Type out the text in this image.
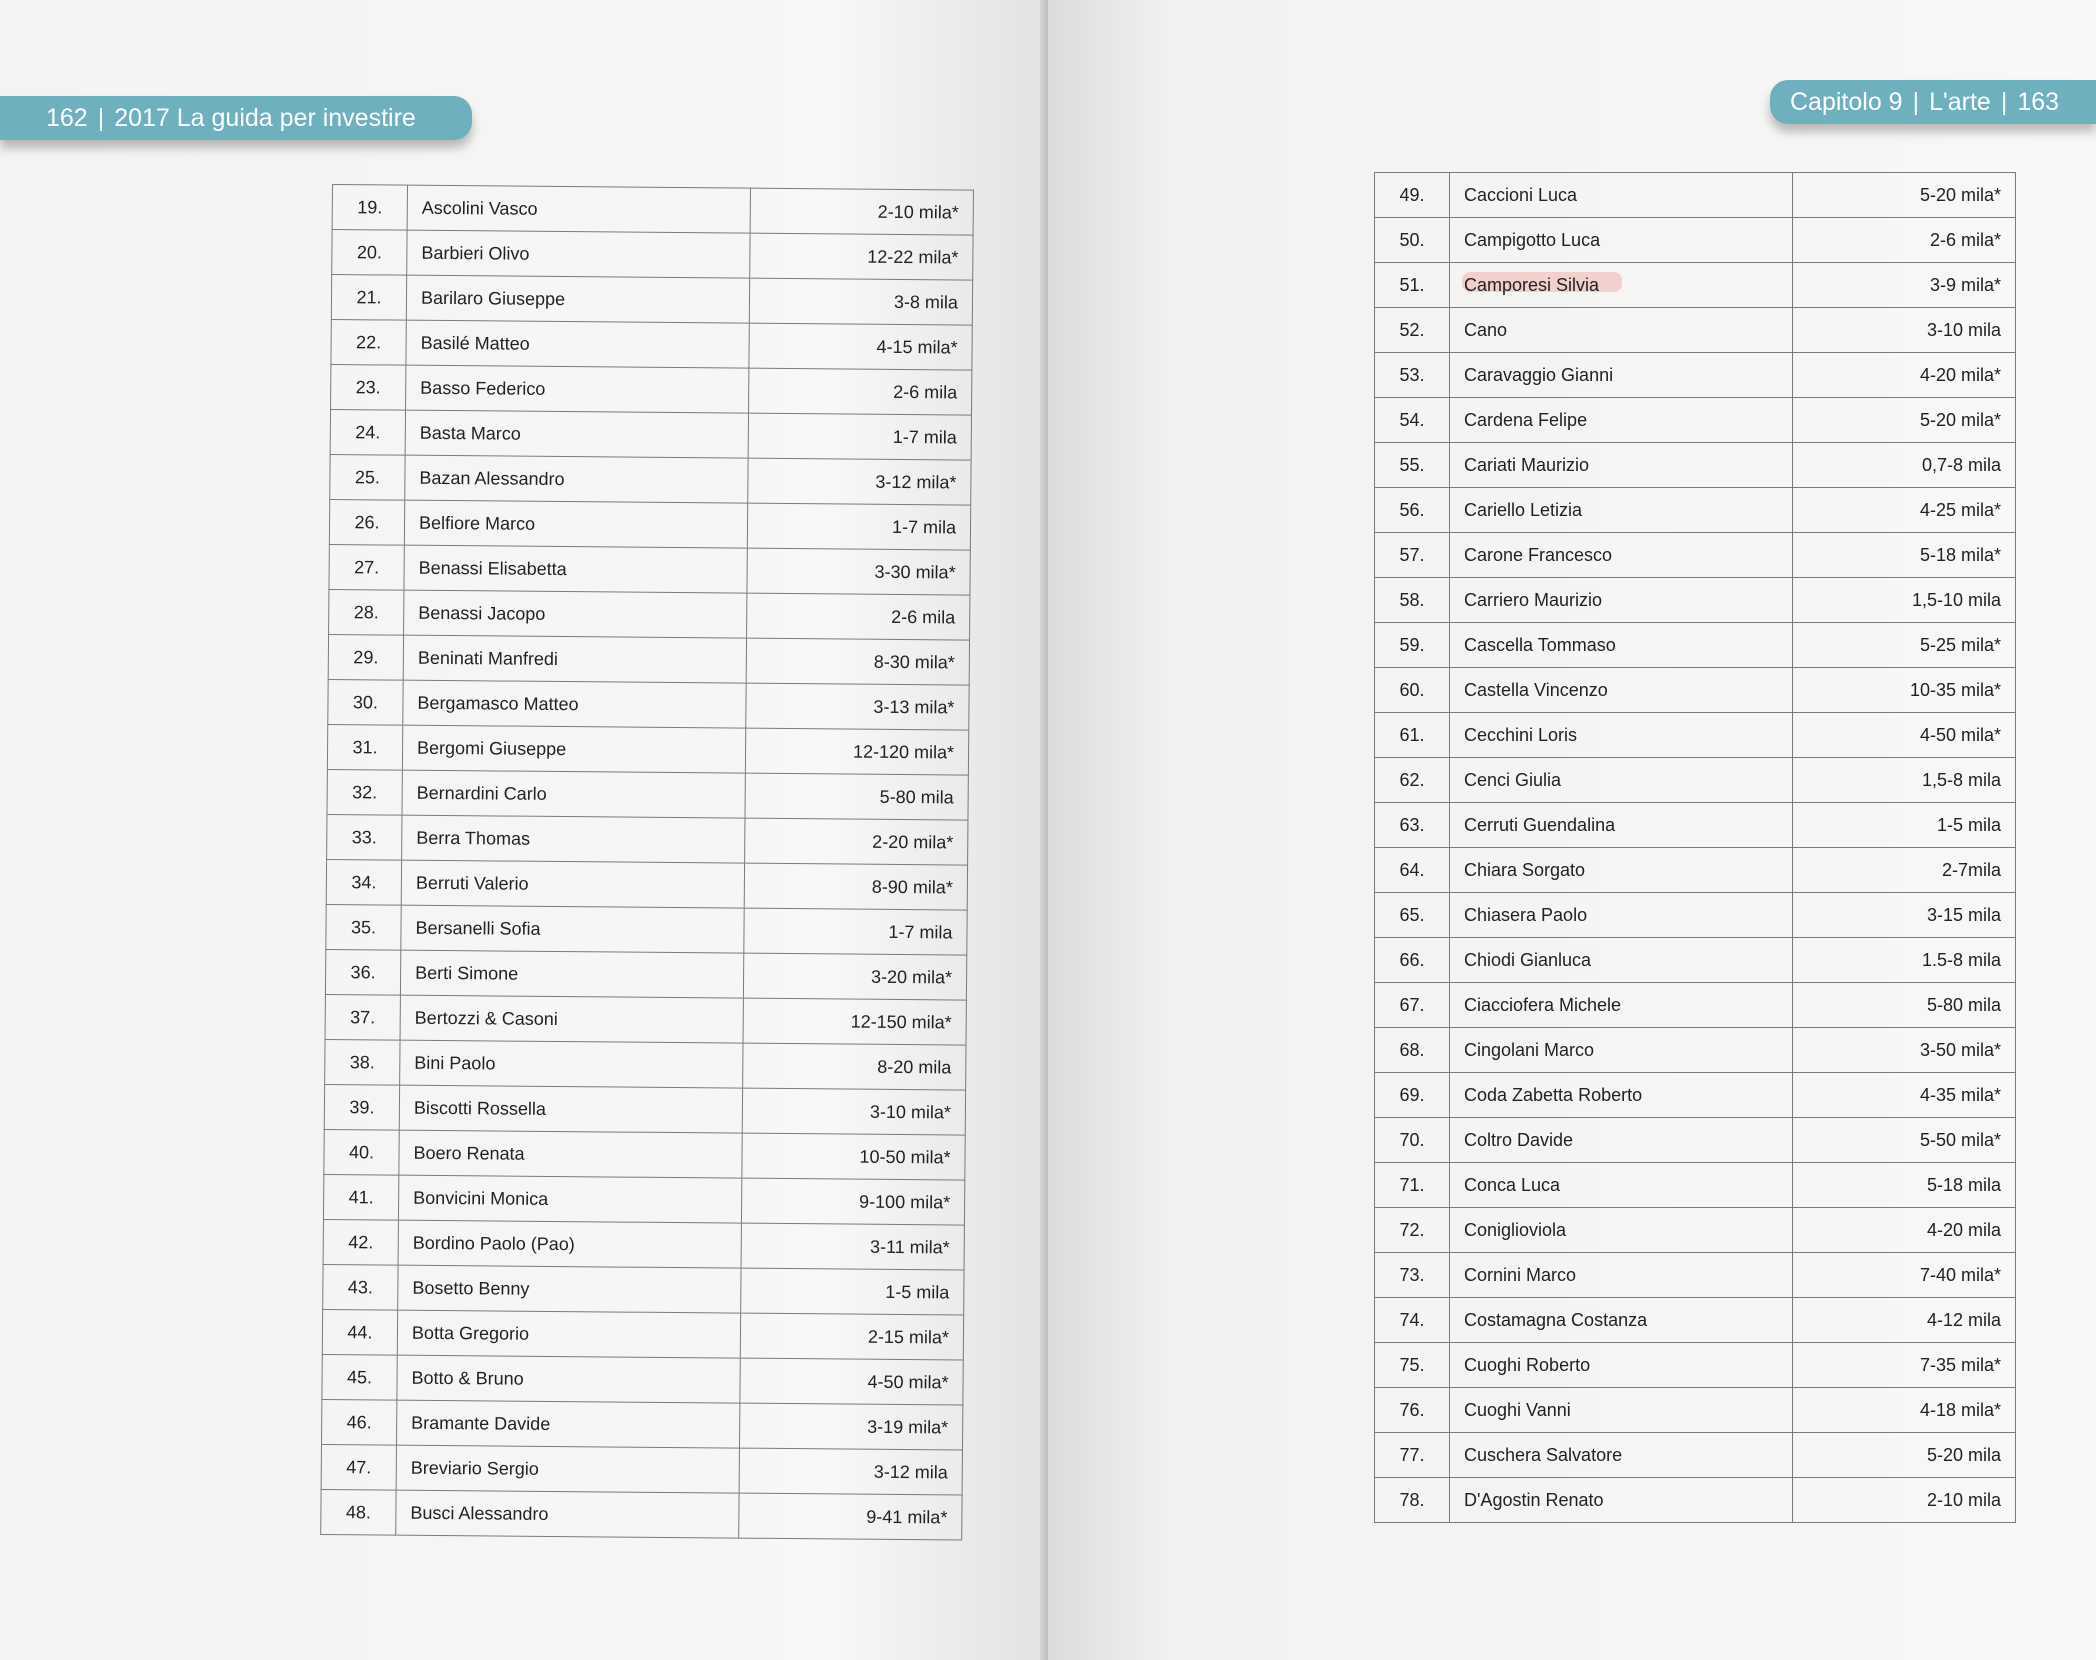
162 | 2017 La guida per investire
19.	Ascolini Vasco	2-10 mila*
20.	Barbieri Olivo	12-22 mila*
21.	Barilaro Giuseppe	3-8 mila
22.	Basilé Matteo	4-15 mila*
23.	Basso Federico	2-6 mila
24.	Basta Marco	1-7 mila
25.	Bazan Alessandro	3-12 mila*
26.	Belfiore Marco	1-7 mila
27.	Benassi Elisabetta	3-30 mila*
28.	Benassi Jacopo	2-6 mila
29.	Beninati Manfredi	8-30 mila*
30.	Bergamasco Matteo	3-13 mila*
31.	Bergomi Giuseppe	12-120 mila*
32.	Bernardini Carlo	5-80 mila
33.	Berra Thomas	2-20 mila*
34.	Berruti Valerio	8-90 mila*
35.	Bersanelli Sofia	1-7 mila
36.	Berti Simone	3-20 mila*
37.	Bertozzi & Casoni	12-150 mila*
38.	Bini Paolo	8-20 mila
39.	Biscotti Rossella	3-10 mila*
40.	Boero Renata	10-50 mila*
41.	Bonvicini Monica	9-100 mila*
42.	Bordino Paolo (Pao)	3-11 mila*
43.	Bosetto Benny	1-5 mila
44.	Botta Gregorio	2-15 mila*
45.	Botto & Bruno	4-50 mila*
46.	Bramante Davide	3-19 mila*
47.	Breviario Sergio	3-12 mila
48.	Busci Alessandro	9-41 mila*
Capitolo 9 | L'arte | 163
49.	Caccioni Luca	5-20 mila*
50.	Campigotto Luca	2-6 mila*
51.	Camporesi Silvia	3-9 mila*
52.	Cano	3-10 mila
53.	Caravaggio Gianni	4-20 mila*
54.	Cardena Felipe	5-20 mila*
55.	Cariati Maurizio	0,7-8 mila
56.	Cariello Letizia	4-25 mila*
57.	Carone Francesco	5-18 mila*
58.	Carriero Maurizio	1,5-10 mila
59.	Cascella Tommaso	5-25 mila*
60.	Castella Vincenzo	10-35 mila*
61.	Cecchini Loris	4-50 mila*
62.	Cenci Giulia	1,5-8 mila
63.	Cerruti Guendalina	1-5 mila
64.	Chiara Sorgato	2-7mila
65.	Chiasera Paolo	3-15 mila
66.	Chiodi Gianluca	1.5-8 mila
67.	Ciacciofera Michele	5-80 mila
68.	Cingolani Marco	3-50 mila*
69.	Coda Zabetta Roberto	4-35 mila*
70.	Coltro Davide	5-50 mila*
71.	Conca Luca	5-18 mila
72.	Coniglioviola	4-20 mila
73.	Cornini Marco	7-40 mila*
74.	Costamagna Costanza	4-12 mila
75.	Cuoghi Roberto	7-35 mila*
76.	Cuoghi Vanni	4-18 mila*
77.	Cuschera Salvatore	5-20 mila
78.	D'Agostin Renato	2-10 mila
